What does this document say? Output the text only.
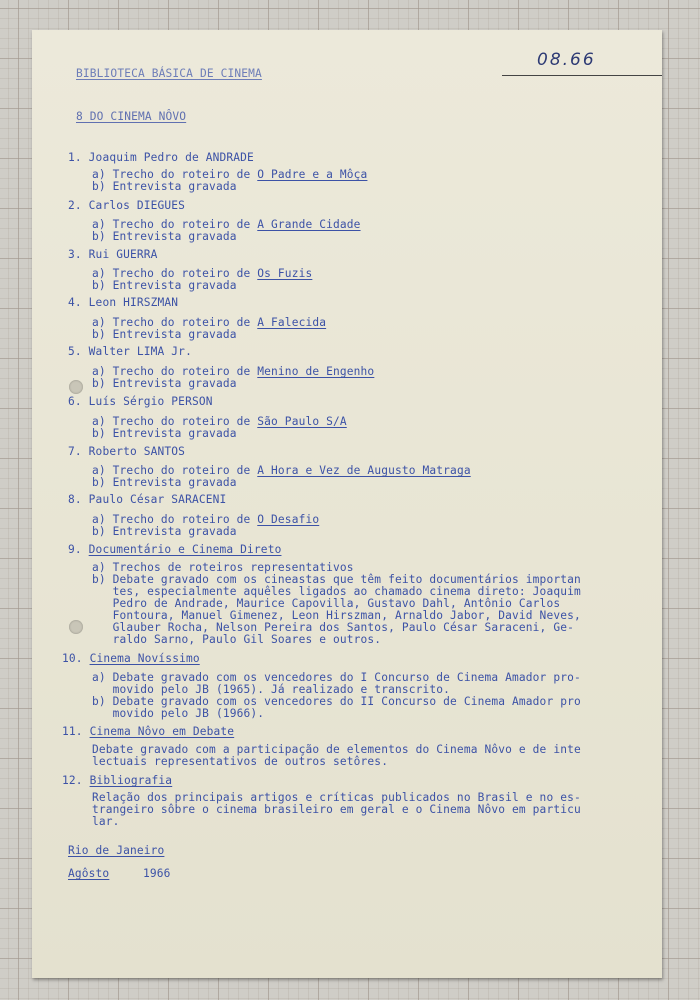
BIBLIOTECA BÁSICA DE CINEMA
08.66
8 DO CINEMA NÔVO
1. Joaquim Pedro de ANDRADE
a) Trecho do roteiro de O Padre e a Môça
b) Entrevista gravada
2. Carlos DIEGUES
a) Trecho do roteiro de A Grande Cidade
b) Entrevista gravada
3. Rui GUERRA
a) Trecho do roteiro de Os Fuzis
b) Entrevista gravada
4. Leon HIRSZMAN
a) Trecho do roteiro de A Falecida
b) Entrevista gravada
5. Walter LIMA Jr.
a) Trecho do roteiro de Menino de Engenho
b) Entrevista gravada
6. Luís Sérgio PERSON
a) Trecho do roteiro de São Paulo S/A
b) Entrevista gravada
7. Roberto SANTOS
a) Trecho do roteiro de A Hora e Vez de Augusto Matraga
b) Entrevista gravada
8. Paulo César SARACENI
a) Trecho do roteiro de O Desafio
b) Entrevista gravada
9. Documentário e Cinema Direto
a) Trechos de roteiros representativos
b) Debate gravado com os cineastas que têm feito documentários importan
tes, especialmente aquêles ligados ao chamado cinema direto: Joaquim
Pedro de Andrade, Maurice Capovilla, Gustavo Dahl, Antônio Carlos
Fontoura, Manuel Gimenez, Leon Hirszman, Arnaldo Jabor, David Neves,
Glauber Rocha, Nelson Pereira dos Santos, Paulo César Saraceni, Ge-
raldo Sarno, Paulo Gil Soares e outros.
10. Cinema Novíssimo
a) Debate gravado com os vencedores do I Concurso de Cinema Amador pro-
movido pelo JB (1965). Já realizado e transcrito.
b) Debate gravado com os vencedores do II Concurso de Cinema Amador pro
movido pelo JB (1966).
11. Cinema Nôvo em Debate
Debate gravado com a participação de elementos do Cinema Nôvo e de inte
lectuais representativos de outros setôres.
12. Bibliografia
Relação dos principais artigos e críticas publicados no Brasil e no es-
trangeiro sôbre o cinema brasileiro em geral e o Cinema Nôvo em particu
lar.
Rio de Janeiro
Agôsto	1966
